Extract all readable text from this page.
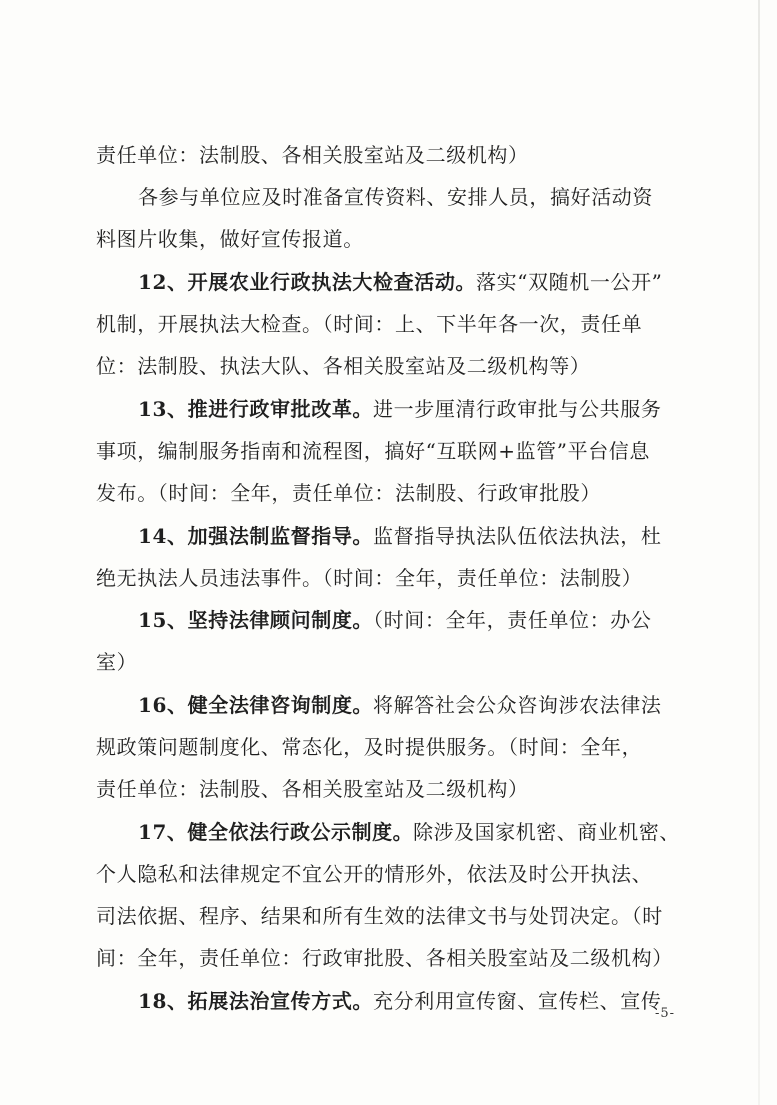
责任单位：法制股、各相关股室站及二级机构）
各参与单位应及时准备宣传资料、安排人员，搞好活动资
料图片收集，做好宣传报道。
12、开展农业行政执法大检查活动。落实“双随机一公开”
机制，开展执法大检查。（时间：上、下半年各一次，责任单
位：法制股、执法大队、各相关股室站及二级机构等）
13、推进行政审批改革。进一步厘清行政审批与公共服务
事项，编制服务指南和流程图，搞好“互联网+监管”平台信息
发布。（时间：全年，责任单位：法制股、行政审批股）
14、加强法制监督指导。监督指导执法队伍依法执法，杜
绝无执法人员违法事件。（时间：全年，责任单位：法制股）
15、坚持法律顾问制度。（时间：全年，责任单位：办公
室）
16、健全法律咨询制度。将解答社会公众咨询涉农法律法
规政策问题制度化、常态化，及时提供服务。（时间：全年，
责任单位：法制股、各相关股室站及二级机构）
17、健全依法行政公示制度。除涉及国家机密、商业机密、
个人隐私和法律规定不宜公开的情形外，依法及时公开执法、
司法依据、程序、结果和所有生效的法律文书与处罚决定。（时
间：全年，责任单位：行政审批股、各相关股室站及二级机构）
18、拓展法治宣传方式。充分利用宣传窗、宣传栏、宣传
-5-
